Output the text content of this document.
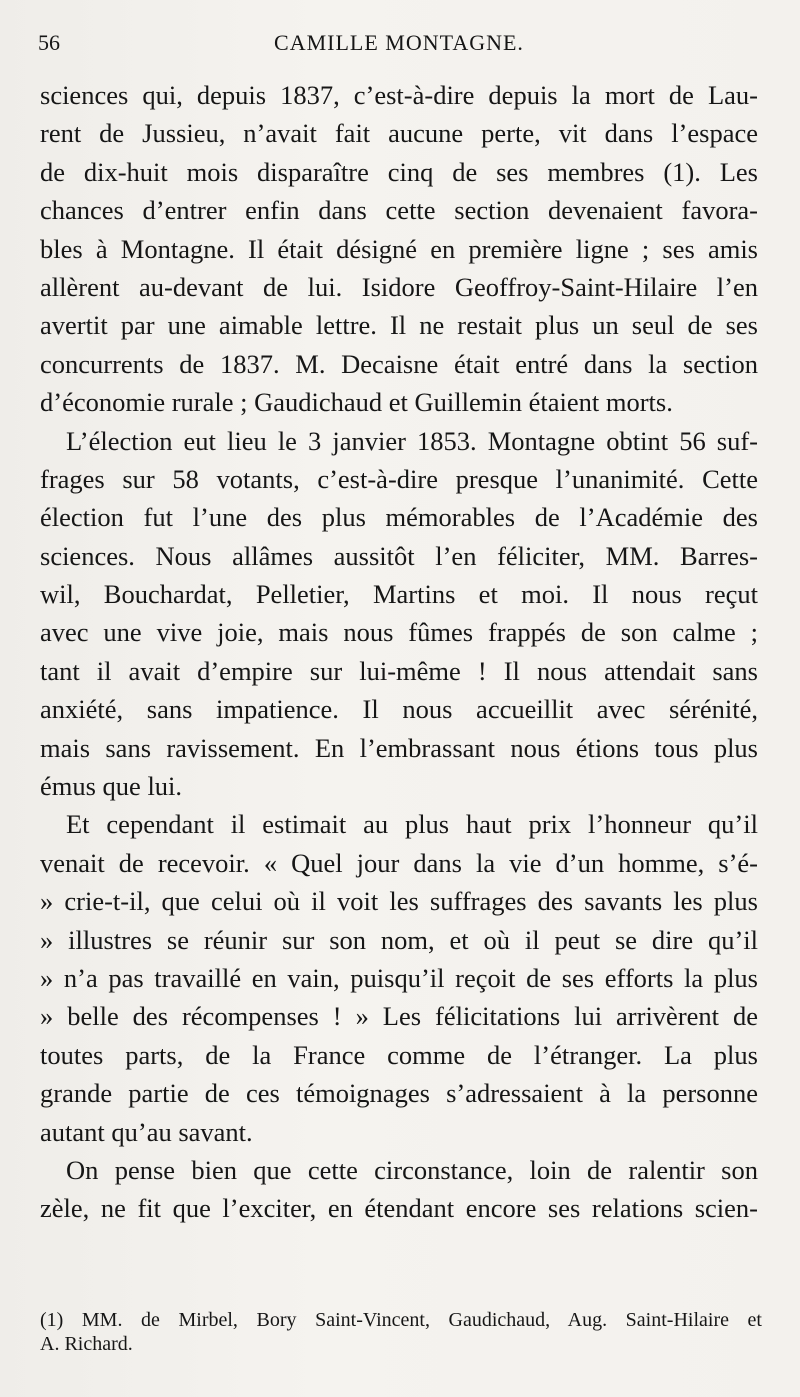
56	CAMILLE MONTAGNE.
sciences qui, depuis 1837, c’est-à-dire depuis la mort de Lau-
rent de Jussieu, n’avait fait aucune perte, vit dans l’espace
de dix-huit mois disparaître cinq de ses membres (1). Les
chances d’entrer enfin dans cette section devenaient favora-
bles à Montagne. Il était désigné en première ligne ; ses amis
allèrent au-devant de lui. Isidore Geoffroy-Saint-Hilaire l’en
avertit par une aimable lettre. Il ne restait plus un seul de ses
concurrents de 1837. M. Decaisne était entré dans la section
d’économie rurale ; Gaudichaud et Guillemin étaient morts.
L’élection eut lieu le 3 janvier 1853. Montagne obtint 56 suf-
frages sur 58 votants, c’est-à-dire presque l’unanimité. Cette
élection fut l’une des plus mémorables de l’Académie des
sciences. Nous allâmes aussitôt l’en féliciter, MM. Barres-
wil, Bouchardat, Pelletier, Martins et moi. Il nous reçut
avec une vive joie, mais nous fûmes frappés de son calme ;
tant il avait d’empire sur lui-même ! Il nous attendait sans
anxiété, sans impatience. Il nous accueillit avec sérénité,
mais sans ravissement. En l’embrassant nous étions tous plus
émus que lui.
Et cependant il estimait au plus haut prix l’honneur qu’il
venait de recevoir. « Quel jour dans la vie d’un homme, s’é-
» crie-t-il, que celui où il voit les suffrages des savants les plus
» illustres se réunir sur son nom, et où il peut se dire qu’il
» n’a pas travaillé en vain, puisqu’il reçoit de ses efforts la plus
» belle des récompenses ! » Les félicitations lui arrivèrent de
toutes parts, de la France comme de l’étranger. La plus
grande partie de ces témoignages s’adressaient à la personne
autant qu’au savant.
On pense bien que cette circonstance, loin de ralentir son
zèle, ne fit que l’exciter, en étendant encore ses relations scien-
(1) MM. de Mirbel, Bory Saint-Vincent, Gaudichaud, Aug. Saint-Hilaire et
A. Richard.
